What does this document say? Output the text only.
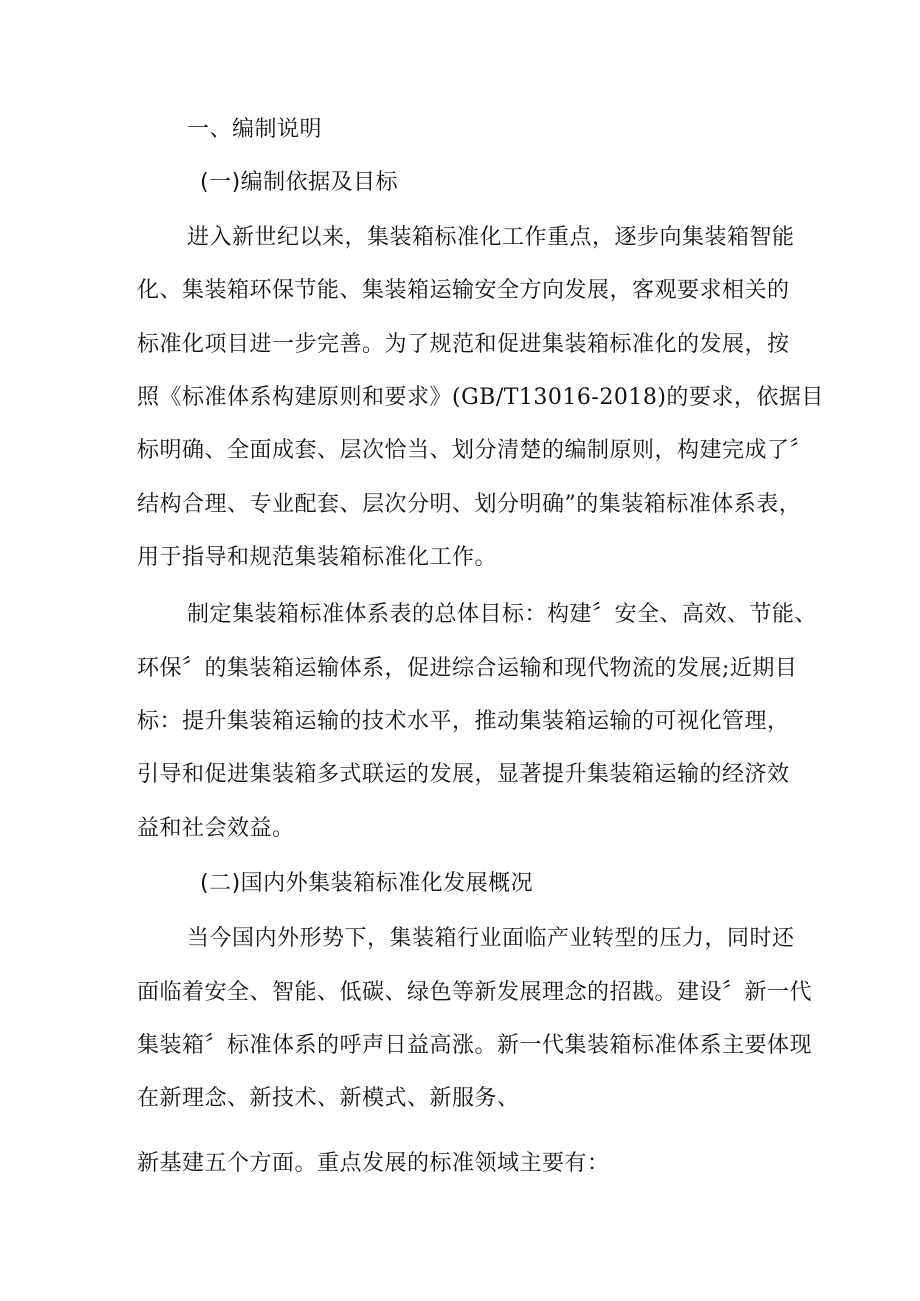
一、编制说明
(一)编制依据及目标
进入新世纪以来，集装箱标准化工作重点，逐步向集装箱智能
化、集装箱环保节能、集装箱运输安全方向发展，客观要求相关的
标准化项目进一步完善。为了规范和促进集装箱标准化的发展，按
照《标准体系构建原则和要求》(GB/T13016-2018)的要求，依据目
标明确、全面成套、层次恰当、划分清楚的编制原则，构建完成了〞
结构合理、专业配套、层次分明、划分明确”的集装箱标准体系表，
用于指导和规范集装箱标准化工作。
制定集装箱标准体系表的总体目标：构建〞安全、高效、节能、
环保〞的集装箱运输体系，促进综合运输和现代物流的发展;近期目
标：提升集装箱运输的技术水平，推动集装箱运输的可视化管理，
引导和促进集装箱多式联运的发展，显著提升集装箱运输的经济效
益和社会效益。
(二)国内外集装箱标准化发展概况
当今国内外形势下，集装箱行业面临产业转型的压力，同时还
面临着安全、智能、低碳、绿色等新发展理念的招戡。建设〞新一代
集装箱〞标准体系的呼声日益高涨。新一代集装箱标准体系主要体现
在新理念、新技术、新模式、新服务、
新基建五个方面。重点发展的标准领域主要有：
